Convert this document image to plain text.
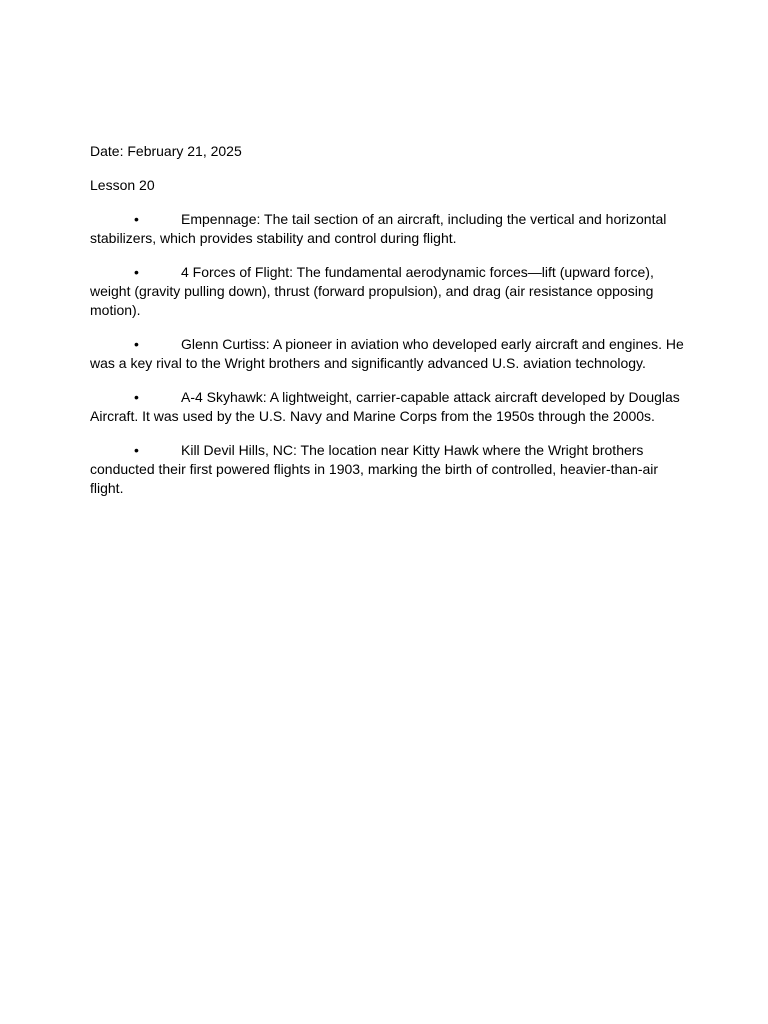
Date: February 21, 2025

Lesson 20

•	Empennage: The tail section of an aircraft, including the vertical and horizontal stabilizers, which provides stability and control during flight.

•	4 Forces of Flight: The fundamental aerodynamic forces—lift (upward force), weight (gravity pulling down), thrust (forward propulsion), and drag (air resistance opposing motion).

•	Glenn Curtiss: A pioneer in aviation who developed early aircraft and engines. He was a key rival to the Wright brothers and significantly advanced U.S. aviation technology.

•	A-4 Skyhawk: A lightweight, carrier-capable attack aircraft developed by Douglas Aircraft. It was used by the U.S. Navy and Marine Corps from the 1950s through the 2000s.

•	Kill Devil Hills, NC: The location near Kitty Hawk where the Wright brothers conducted their first powered flights in 1903, marking the birth of controlled, heavier-than-air flight.
